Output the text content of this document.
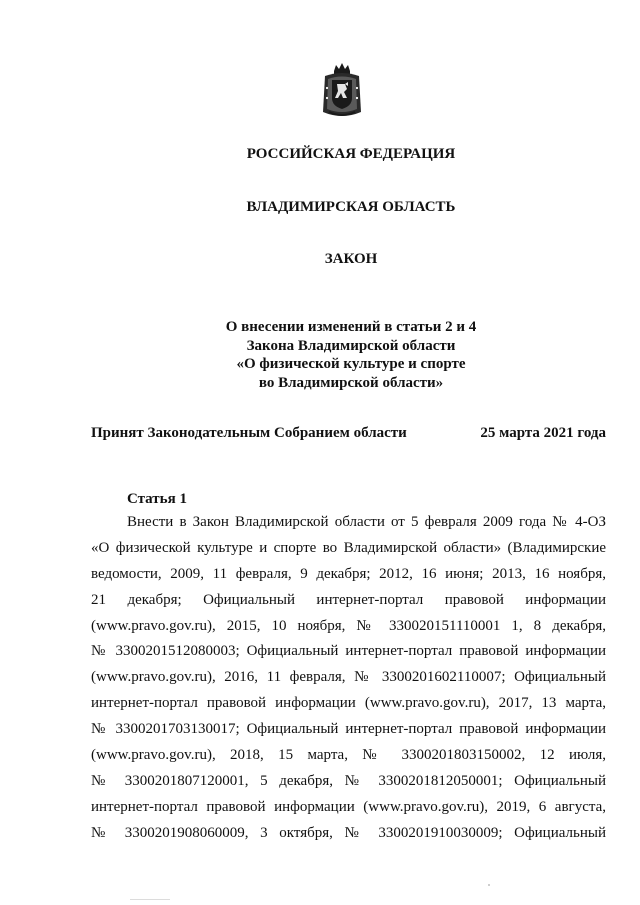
РОССИЙСКАЯ ФЕДЕРАЦИЯ
ВЛАДИМИРСКАЯ ОБЛАСТЬ
ЗАКОН
О внесении изменений в статьи 2 и 4
Закона Владимирской области
«О физической культуре и спорте
во Владимирской области»
Принят Законодательным Собранием области	25 марта 2021 года
Статья 1
Внести в Закон Владимирской области от 5 февраля 2009 года № 4-ОЗ
«О физической культуре и спорте во Владимирской области» (Владимирские
ведомости, 2009, 11 февраля, 9 декабря; 2012, 16 июня; 2013, 16 ноября,
21 декабря; Официальный интернет-портал правовой информации
(www.pravo.gov.ru), 2015, 10 ноября, № 330020151110001 1, 8 декабря,
№ 3300201512080003; Официальный интернет-портал правовой информации
(www.pravo.gov.ru), 2016, 11 февраля, № 3300201602110007; Официальный
интернет-портал правовой информации (www.pravo.gov.ru), 2017, 13 марта,
№ 3300201703130017; Официальный интернет-портал правовой информации
(www.pravo.gov.ru), 2018, 15 марта, № 3300201803150002, 12 июля,
№ 3300201807120001, 5 декабря, № 3300201812050001; Официальный
интернет-портал правовой информации (www.pravo.gov.ru), 2019, 6 августа,
№ 3300201908060009, 3 октября, № 3300201910030009; Официальный
